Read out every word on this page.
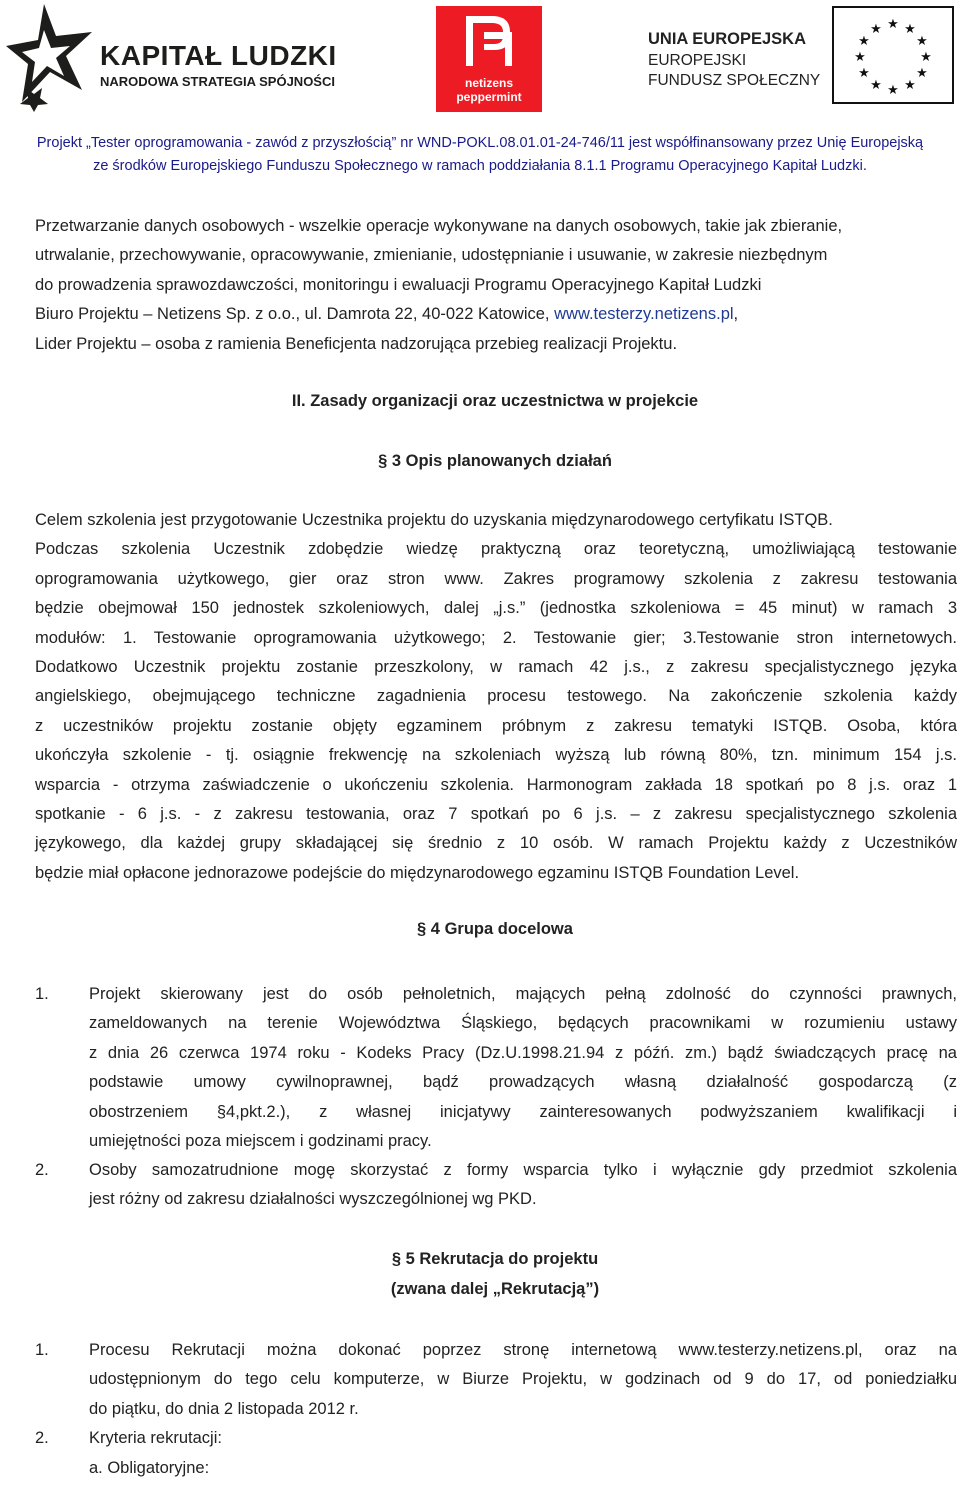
KAPITAŁ LUDZKI
NARODOWA STRATEGIA SPÓJNOŚCI	netizens
peppermint
UNIA EUROPEJSKA
EUROPEJSKI
FUNDUSZ SPOŁECZNY
★ ★
★
★
★
★
★
★
★
★
★
★
Projekt „Tester oprogramowania - zawód z przyszłością” nr WND-POKL.08.01.01-24-746/11 jest współfinansowany przez Unię Europejską
ze środków Europejskiego Funduszu Społecznego w ramach poddziałania 8.1.1 Programu Operacyjnego Kapitał Ludzki.
Przetwarzanie danych osobowych - wszelkie operacje wykonywane na danych osobowych, takie jak zbieranie,
utrwalanie, przechowywanie, opracowywanie, zmienianie, udostępnianie i usuwanie, w zakresie niezbędnym
do prowadzenia sprawozdawczości, monitoringu i ewaluacji Programu Operacyjnego Kapitał Ludzki
Biuro Projektu – Netizens Sp. z o.o., ul. Damrota 22, 40-022 Katowice, www.testerzy.netizens.pl,
Lider Projektu – osoba z ramienia Beneficjenta nadzorująca przebieg realizacji Projektu.
II. Zasady organizacji oraz uczestnictwa w projekcie
§ 3 Opis planowanych działań
Celem szkolenia jest przygotowanie Uczestnika projektu do uzyskania międzynarodowego certyfikatu ISTQB.
Podczas szkolenia Uczestnik zdobędzie wiedzę praktyczną oraz teoretyczną, umożliwiającą testowanie
oprogramowania użytkowego, gier oraz stron www. Zakres programowy szkolenia z zakresu testowania
będzie obejmował 150 jednostek szkoleniowych, dalej „j.s.” (jednostka szkoleniowa = 45 minut) w ramach 3
modułów: 1. Testowanie oprogramowania użytkowego; 2. Testowanie gier; 3.Testowanie stron internetowych.
Dodatkowo Uczestnik projektu zostanie przeszkolony, w ramach 42 j.s., z zakresu specjalistycznego języka
angielskiego, obejmującego techniczne zagadnienia procesu testowego. Na zakończenie szkolenia każdy
z uczestników projektu zostanie objęty egzaminem próbnym z zakresu tematyki ISTQB. Osoba, która
ukończyła szkolenie - tj. osiągnie frekwencję na szkoleniach wyższą lub równą 80%, tzn. minimum 154 j.s.
wsparcia - otrzyma zaświadczenie o ukończeniu szkolenia. Harmonogram zakłada 18 spotkań po 8 j.s. oraz 1
spotkanie - 6 j.s. - z zakresu testowania, oraz 7 spotkań po 6 j.s. – z zakresu specjalistycznego szkolenia
językowego, dla każdej grupy składającej się średnio z 10 osób. W ramach Projektu każdy z Uczestników
będzie miał opłacone jednorazowe podejście do międzynarodowego egzaminu ISTQB Foundation Level.
§ 4 Grupa docelowa
1. Projekt skierowany jest do osób pełnoletnich, mających pełną zdolność do czynności prawnych,
zameldowanych na terenie Województwa Śląskiego, będących pracownikami w rozumieniu ustawy
z dnia 26 czerwca 1974 roku - Kodeks Pracy (Dz.U.1998.21.94 z późń. zm.) bądź świadczących pracę na
podstawie umowy cywilnoprawnej, bądź prowadzących własną działalność gospodarczą (z
obostrzeniem §4,pkt.2.), z własnej inicjatywy zainteresowanych podwyższaniem kwalifikacji i
umiejętności poza miejscem i godzinami pracy.
2. Osoby samozatrudnione mogę skorzystać z formy wsparcia tylko i wyłącznie gdy przedmiot szkolenia
jest różny od zakresu działalności wyszczególnionej wg PKD.
§ 5 Rekrutacja do projektu
(zwana dalej „Rekrutacją”)
1. Procesu Rekrutacji można dokonać poprzez stronę internetową www.testerzy.netizens.pl, oraz na
udostępnionym do tego celu komputerze, w Biurze Projektu, w godzinach od 9 do 17, od poniedziałku
do piątku, do dnia 2 listopada 2012 r.
2. Kryteria rekrutacji:
a. Obligatoryjne:
